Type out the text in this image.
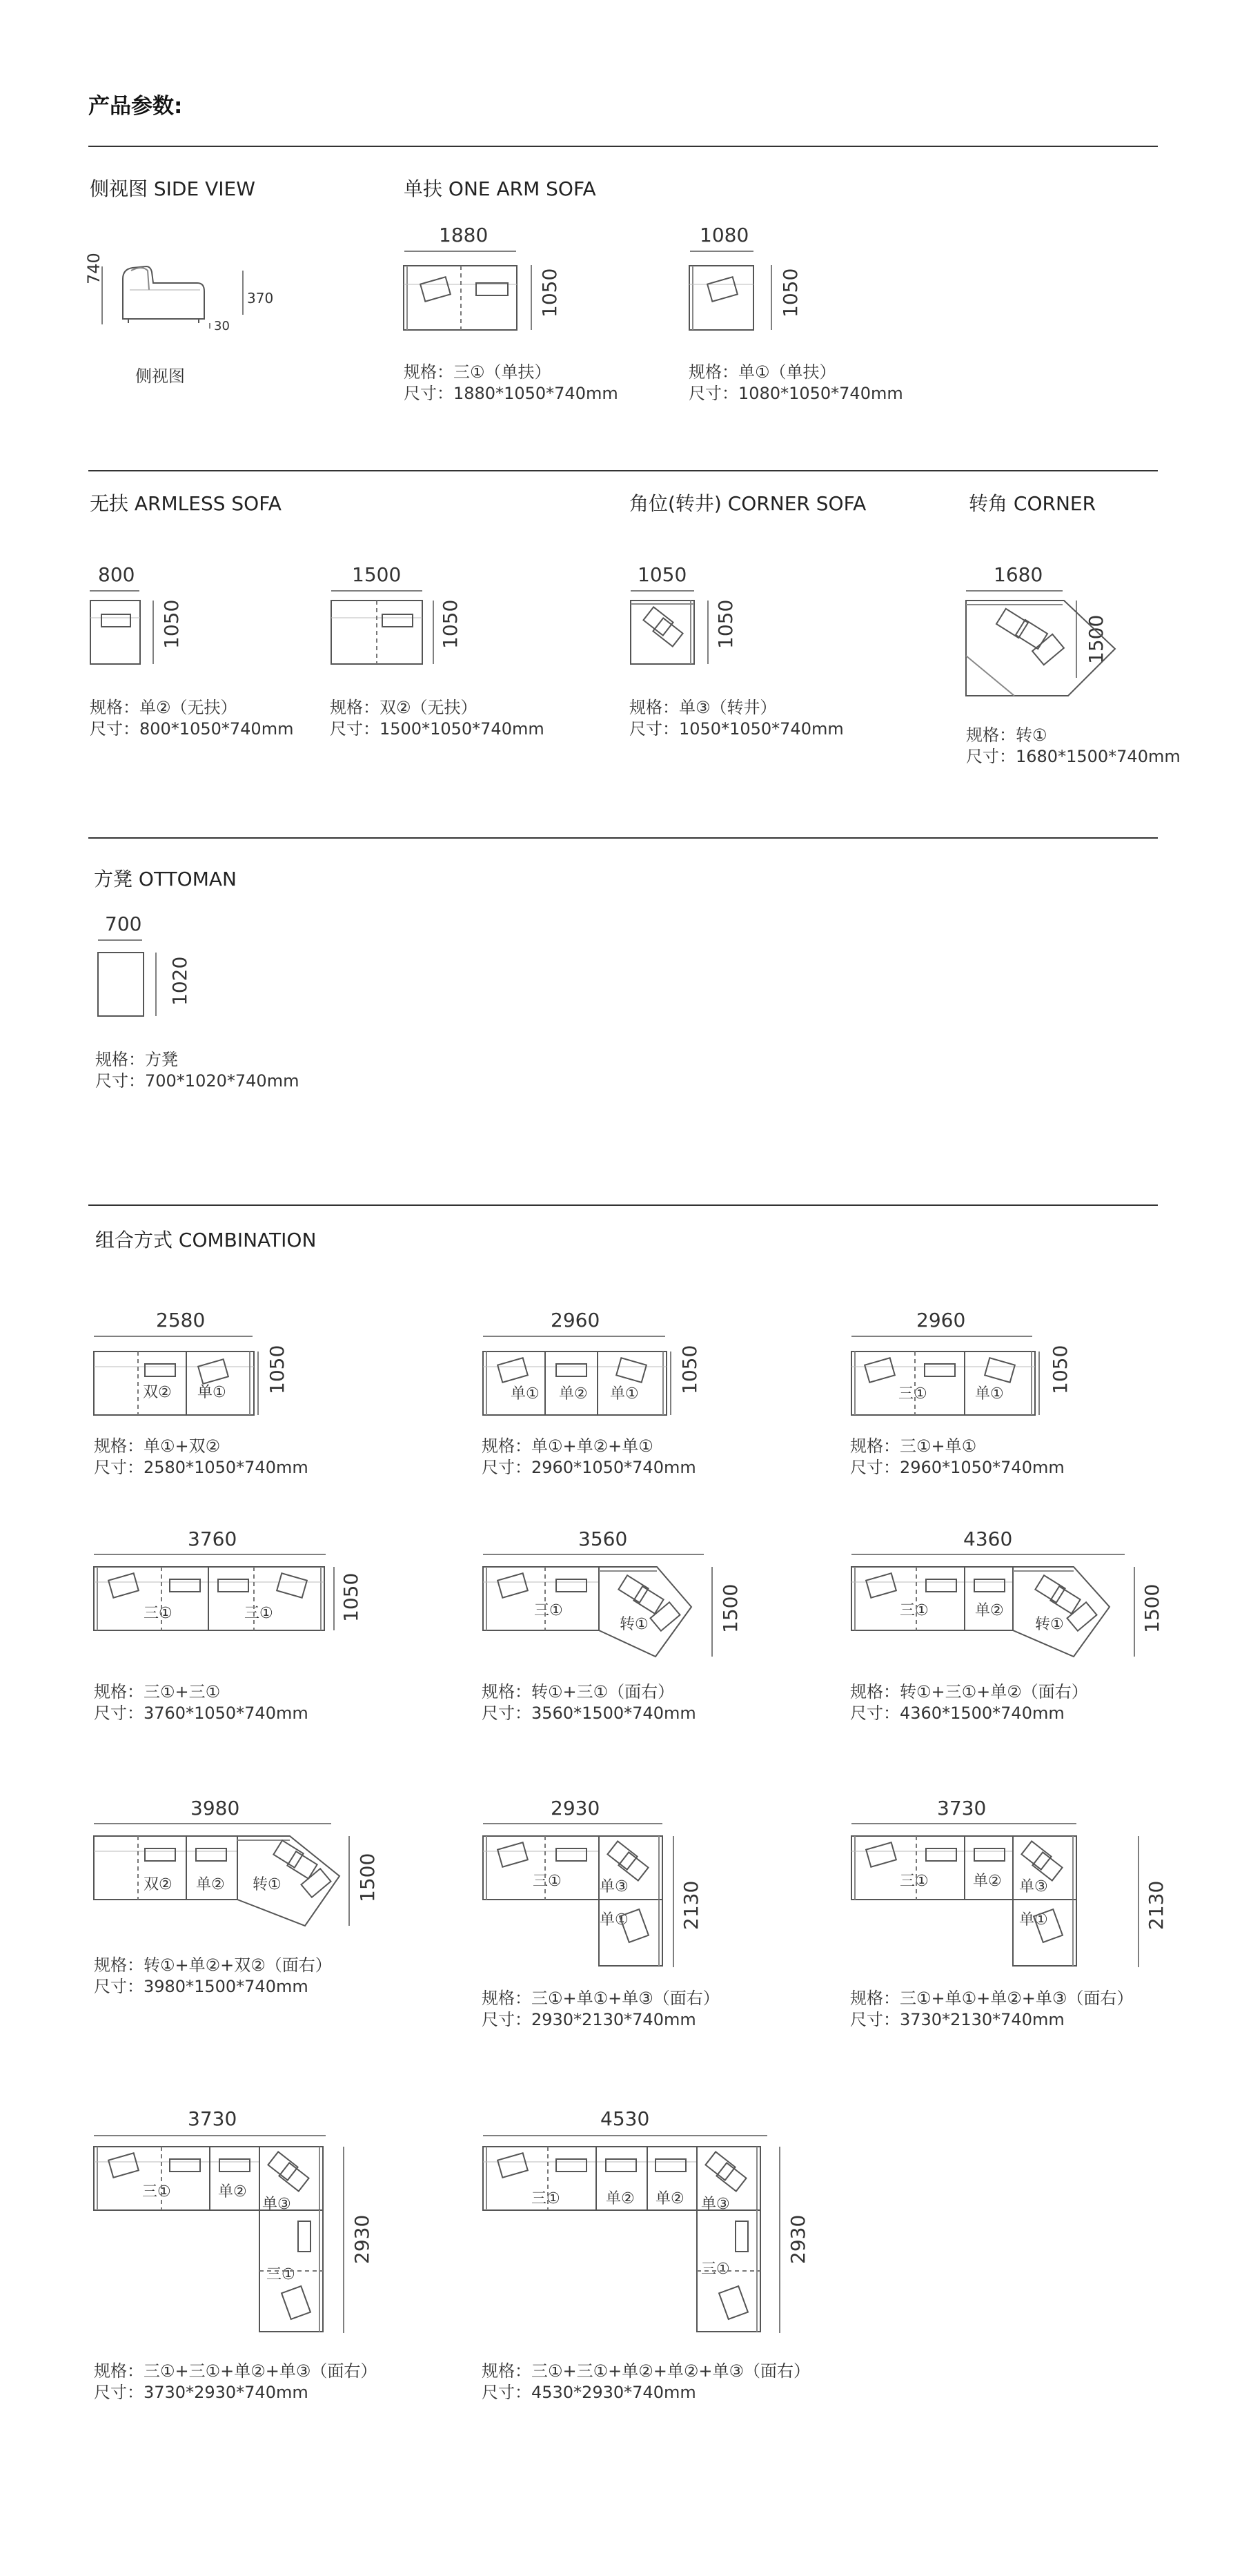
产品参数:
侧视图 SIDE VIEW
740
370
30
侧视图
单扶 ONE ARM SOFA
1880
1050
规格：三①（单扶）
尺寸：1880*1050*740mm
1080
1050
规格：单①（单扶）
尺寸：1080*1050*740mm
无扶 ARMLESS SOFA
800
1050
规格：单②（无扶）
尺寸：800*1050*740mm
1500
1050
规格：双②（无扶）
尺寸：1500*1050*740mm
角位(转井) CORNER SOFA
1050
1050
规格：单③（转井）
尺寸：1050*1050*740mm
转角 CORNER
1680
1500
规格：转①
尺寸：1680*1500*740mm
方凳 OTTOMAN
700
1020
规格：方凳
尺寸：700*1020*740mm
组合方式 COMBINATION
2580
1050
规格：单①+双②
尺寸：2580*1050*740mm
2960
1050
规格：单①+单②+单①
尺寸：2960*1050*740mm
2960
1050
规格：三①+单①
尺寸：2960*1050*740mm
3760
1050
规格：三①+三①
尺寸：3760*1050*740mm
3560
1500
规格：转①+三①（面右）
尺寸：3560*1500*740mm
4360
1500
规格：转①+三①+单②（面右）
尺寸：4360*1500*740mm
3980
1500
规格：转①+单②+双②（面右）
尺寸：3980*1500*740mm
2930
2130
规格：三①+单①+单③（面右）
尺寸：2930*2130*740mm
3730
2130
规格：三①+单①+单②+单③（面右）
尺寸：3730*2130*740mm
3730
2930
规格：三①+三①+单②+单③（面右）
尺寸：3730*2930*740mm
4530
2930
规格：三①+三①+单②+单②+单③（面右）
尺寸：4530*2930*740mm
双② 单①	单① 单② 单①	三①	单①
三①	三①	三①
转①
三①	单②
转①
双② 单② 转①	三①	单③
单①
三①	单② 单③
单①
三①	单②
单③
三①
三①	单② 单② 单③
三①
